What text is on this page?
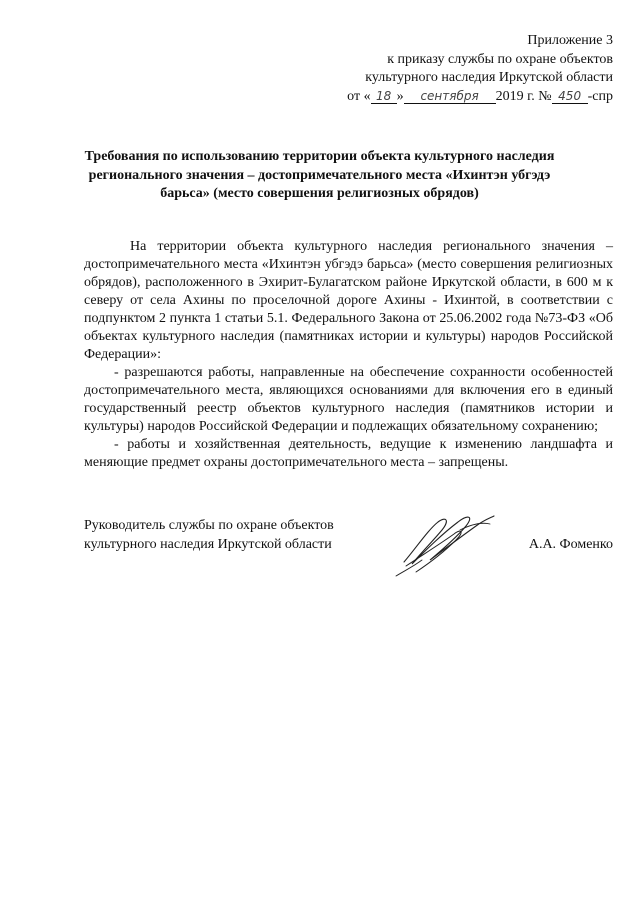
Приложение 3
к приказу службы по охране объектов
культурного наследия Иркутской области
от « 18 » сентября 2019 г. № 450 -спр
Требования по использованию территории объекта культурного наследия
регионального значения – достопримечательного места «Ихинтэн убгэдэ
барьса» (место совершения религиозных обрядов)

На территории объекта культурного наследия регионального значения – достопримечательного места «Ихинтэн убгэдэ барьса» (место совершения религиозных обрядов), расположенного в Эхирит-Булагатском районе Иркутской области, в 600 м к северу от села Ахины по проселочной дороге Ахины - Ихинтой, в соответствии с подпунктом 2 пункта 1 статьи 5.1. Федерального Закона от 25.06.2002 года №73-ФЗ «Об объектах культурного наследия (памятниках истории и культуры) народов Российской Федерации»:

- разрешаются работы, направленные на обеспечение сохранности особенностей достопримечательного места, являющихся основаниями для включения его в единый государственный реестр объектов культурного наследия (памятников истории и культуры) народов Российской Федерации и подлежащих обязательному сохранению;

- работы и хозяйственная деятельность, ведущие к изменению ландшафта и меняющие предмет охраны достопримечательного места – запрещены.

Руководитель службы по охране объектов
культурного наследия Иркутской области	А.А. Фоменко
